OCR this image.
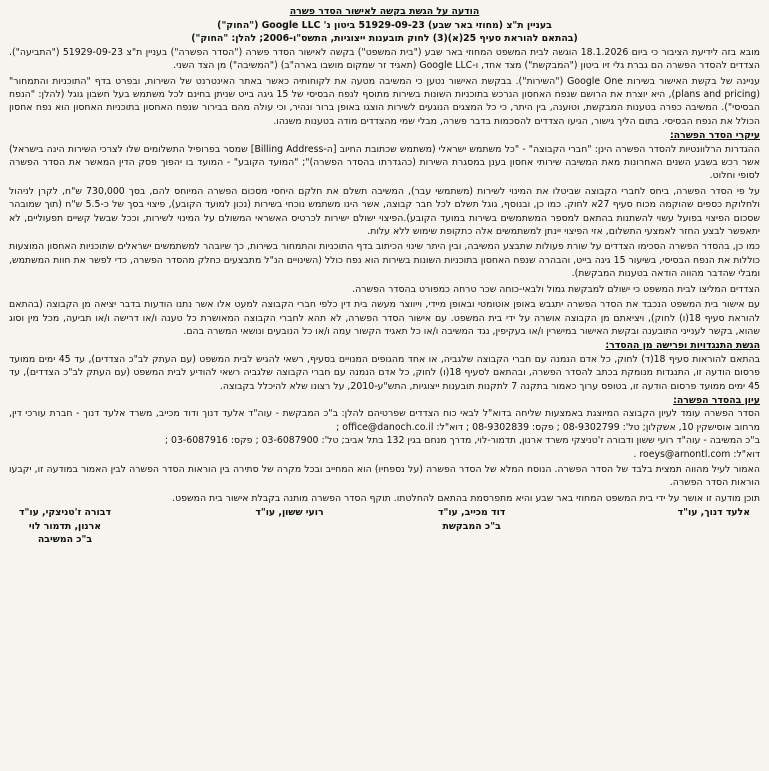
הודעה על הגשת בקשה לאישור הסדר פשרה
בעניין ת"צ (מחוזי באר שבע) 51929-09-23 ביטון נ' Google LLC ("החוק")
(בהתאם להוראת סעיף 25(א)(3) לחוק תובענות ייצוגיות, התשס"ו-2006; להלן: "החוק")

מובא בזה לידיעת הציבור כי ביום 18.1.2026 הוגשה לבית המשפט המחוזי באר שבע ("בית המשפט") בקשה לאישור הסדר פשרה ("הסדר הפשרה") בעניין ת"צ 51929-09-23 ("התביעה"). הצדדים להסדר הפשרה הם גברת גלי זיו ביטון ("המבקשת") מצד אחד, ו-Google LLC (תאגיד זר שמקום מושבו בארה"ב) ("המשיבה") מן הצד השני.

עניינה של בקשת האישור בשירות Google One ("השירות"). בבקשת האישור נטען כי המשיבה מטעה את לקוחותיה כאשר באתר האינטרנט של השירות, ובפרט בדף "התוכניות והתמחור" (plans and pricing), היא יוצרת את הרושם שנפח האחסון הנרכש בתוכניות השונות בשירות מתוסף לנפח הבסיסי של 15 גיגה בייט שניתן בחינם לכל משתמש בעל חשבון גוגל (להלן: "הנפח הבסיסי"). המשיבה כפרה בטענות המבקשת, וטוענה, בין היתר, כי כל המצגים הנוגעים לשירות הוצגו באופן ברור ונהיר, וכי עולה מהם בבירור שנפח האחסון בתוכניות האחסון הוא נפח אחסון הכולל את הנפח הבסיסי. בתום הליך גישור, הגיעו הצדדים להסכמות בדבר פשרה, מבלי שמי מהצדדים מודה בטענות משנהו.

עיקרי הסדר הפשרה:

ההגדרות הרלוונטיות להסדר הפשרה הינן: "חברי הקבוצה" - "כל משתמש ישראלי (משתמש שכתובת החיוב [ה-Billing Address] שמסר בפרופיל התשלומים שלו לצרכי השירות הינה בישראל) אשר רכש בשבע השנים האחרונות מאת המשיבה שירותי אחסון בענן במסגרת השירות (כהגדרתו בהסדר הפשרה)"; "המועד הקובע" - המועד בו יהפוך פסק הדין המאשר את הסדר הפשרה לסופי וחלוט.

על פי הסדר הפשרה, ביחס לחברי הקבוצה שביטלו את המינוי לשירות (משתמשי עבר), המשיבה תשלם את חלקם היחסי מסכום הפשרה המיוחס להם, בסך 730,000 ש"ח, לקרן לניהול ולחלוקת כספים שהוקמה מכוח סעיף 27א לחוק. כמו כן, ובנוסף, גוגל תשלם לכל חבר קבוצה, אשר הינו משתמש נוכחי בשירות (נכון למועד הקובע), פיצוי בסך של כ-5.5 ש"ח (תוך שמובהר שסכום הפיצוי בפועל עשוי להשתנות בהתאם למספר המשתמשים בשירות במועד הקובע).הפיצוי ישולם ישירות לכרטיס האשראי המשולם על המינוי לשירות, וככל שבשל קשיים תפעוליים, לא יתאפשר לבצע החזר לאמצעי התשלום, אזי הפיצוי יינתן למשתמשים אלה כתקופת שימוש ללא עלות.

כמו כן, בהסדר הפשרה הסכימו הצדדים על שורת פעולות שתבצע המשיבה, ובין היתר שינוי הכיתוב בדף התוכניות והתמחור בשירות, כך שיובהר למשתמשים ישראלים שתוכניות האחסון המוצעות כוללות את הנפח הבסיסי, בשיעור 15 גיגה בייט, והבהרה שנפח האחסון בתוכניות השונות בשירות הוא נפח כולל (השינויים הנ"ל מתבצעים כחלק מהסדר הפשרה, כדי לפשר את חוות המשתמש, ומבלי שהדבר מהווה הודאה בטענות המבקשת).

הצדדים המליצו לבית המשפט כי ישולם למבקשת גמול ולבאי-כוחה שכר טרחה כמפורט בהסדר הפשרה.

עם אישור בית המשפט הנכבד את הסדר הפשרה יתגבש באופן אוטומטי ובאופן מיידי, וייווצר מעשה בית דין כלפי חברי הקבוצה למעט אלו אשר נתנו הודעות בדבר יציאה מן הקבוצה (בהתאם להוראת סעיף 18(ו) לחוק), ויציאתם מן הקבוצה אושרה על ידי בית המשפט. עם אישור הסדר הפשרה, לא תהא לחברי הקבוצה המאושרת כל טענה ו/או דרישה ו/או תביעה, מכל מין וסוג שהוא, בקשר לענייני התובענה ובקשת האישור במישרין ו/או בעקיפין, נגד המשיבה ו/או כל תאגיד הקשור עמה ו/או כל הנובעים ונושאי המשרה בהם.

הגשת התנגדויות ופרישה מן ההסדר:

בהתאם להוראות סעיף 18(ד) לחוק, כל אדם הנמנה עם חברי הקבוצה שלגביה, או אחד מהגופים המנויים בסעיף, רשאי להגיש לבית המשפט (עם העתק לב"כ הצדדים), עד 45 ימים ממועד פרסום הודעה זו, התנגדות מנומקת בכתב להסדר הפשרה, ובהתאם לסעיף 18(ו) לחוק, כל אדם הנמנה עם חברי הקבוצה שלגביה רשאי להודיע לבית המשפט (עם העתק לב"כ הצדדים), עד 45 ימים ממועד פרסום הודעה זו, בטופס ערוך כאמור בתקנה 7 לתקנות תובענות ייצוגיות, התש"ע-2010, על רצונו שלא להיכלל בקבוצה.

עיון בהסדר הפשרה:

הסדר הפשרה עומד לעיון הקבוצה המיוצגת באמצעות שליחה בדוא"ל לבאי כוח הצדדים שפרטיהם להלן: ב"כ המבקשת - עוה"ד אלעד דנוך ודוד מכייב, משרד אלעד דנוך - חברת עורכי דין, מרחוב אוסישקין 10, אשקלון; טל': 08-9302799 ; פקס: 08-9302839 ; דוא"ל: office@danoch.co.il ;

ב"כ המשיבה - עוה"ד רועי ששון ודבורה ז'טניצקי משרד ארנון, תדמור-לוי, מדרך מנחם בגין 132 בתל אביב; טל': 03-6087900 ; פקס: 03-6087916 ;

דוא"ל: roeys@arnontl.com .

האמור לעיל מהווה תמצית בלבד של הסדר הפשרה. הנוסח המלא של הסדר הפשרה (על נספחיו) הוא המחייב ובכל מקרה של סתירה בין הוראות הסדר הפשרה לבין האמור במודעה זו, יקבעו הוראות הסדר הפשרה.

תוכן מודעה זו אושר על ידי בית המשפט המחוזי באר שבע והיא מתפרסמת בהתאם להחלטתו. תוקף הסדר הפשרה מותנה בקבלת אישור בית המשפט.

אלעד דנוך, עו"ד
דוד מכייב, עו"ד
ב"כ המבקשת
רועי ששון, עו"ד
דבורה ז'טניצקי, עו"ד
ארנון, תדמור לוי
ב"כ המשיבה
